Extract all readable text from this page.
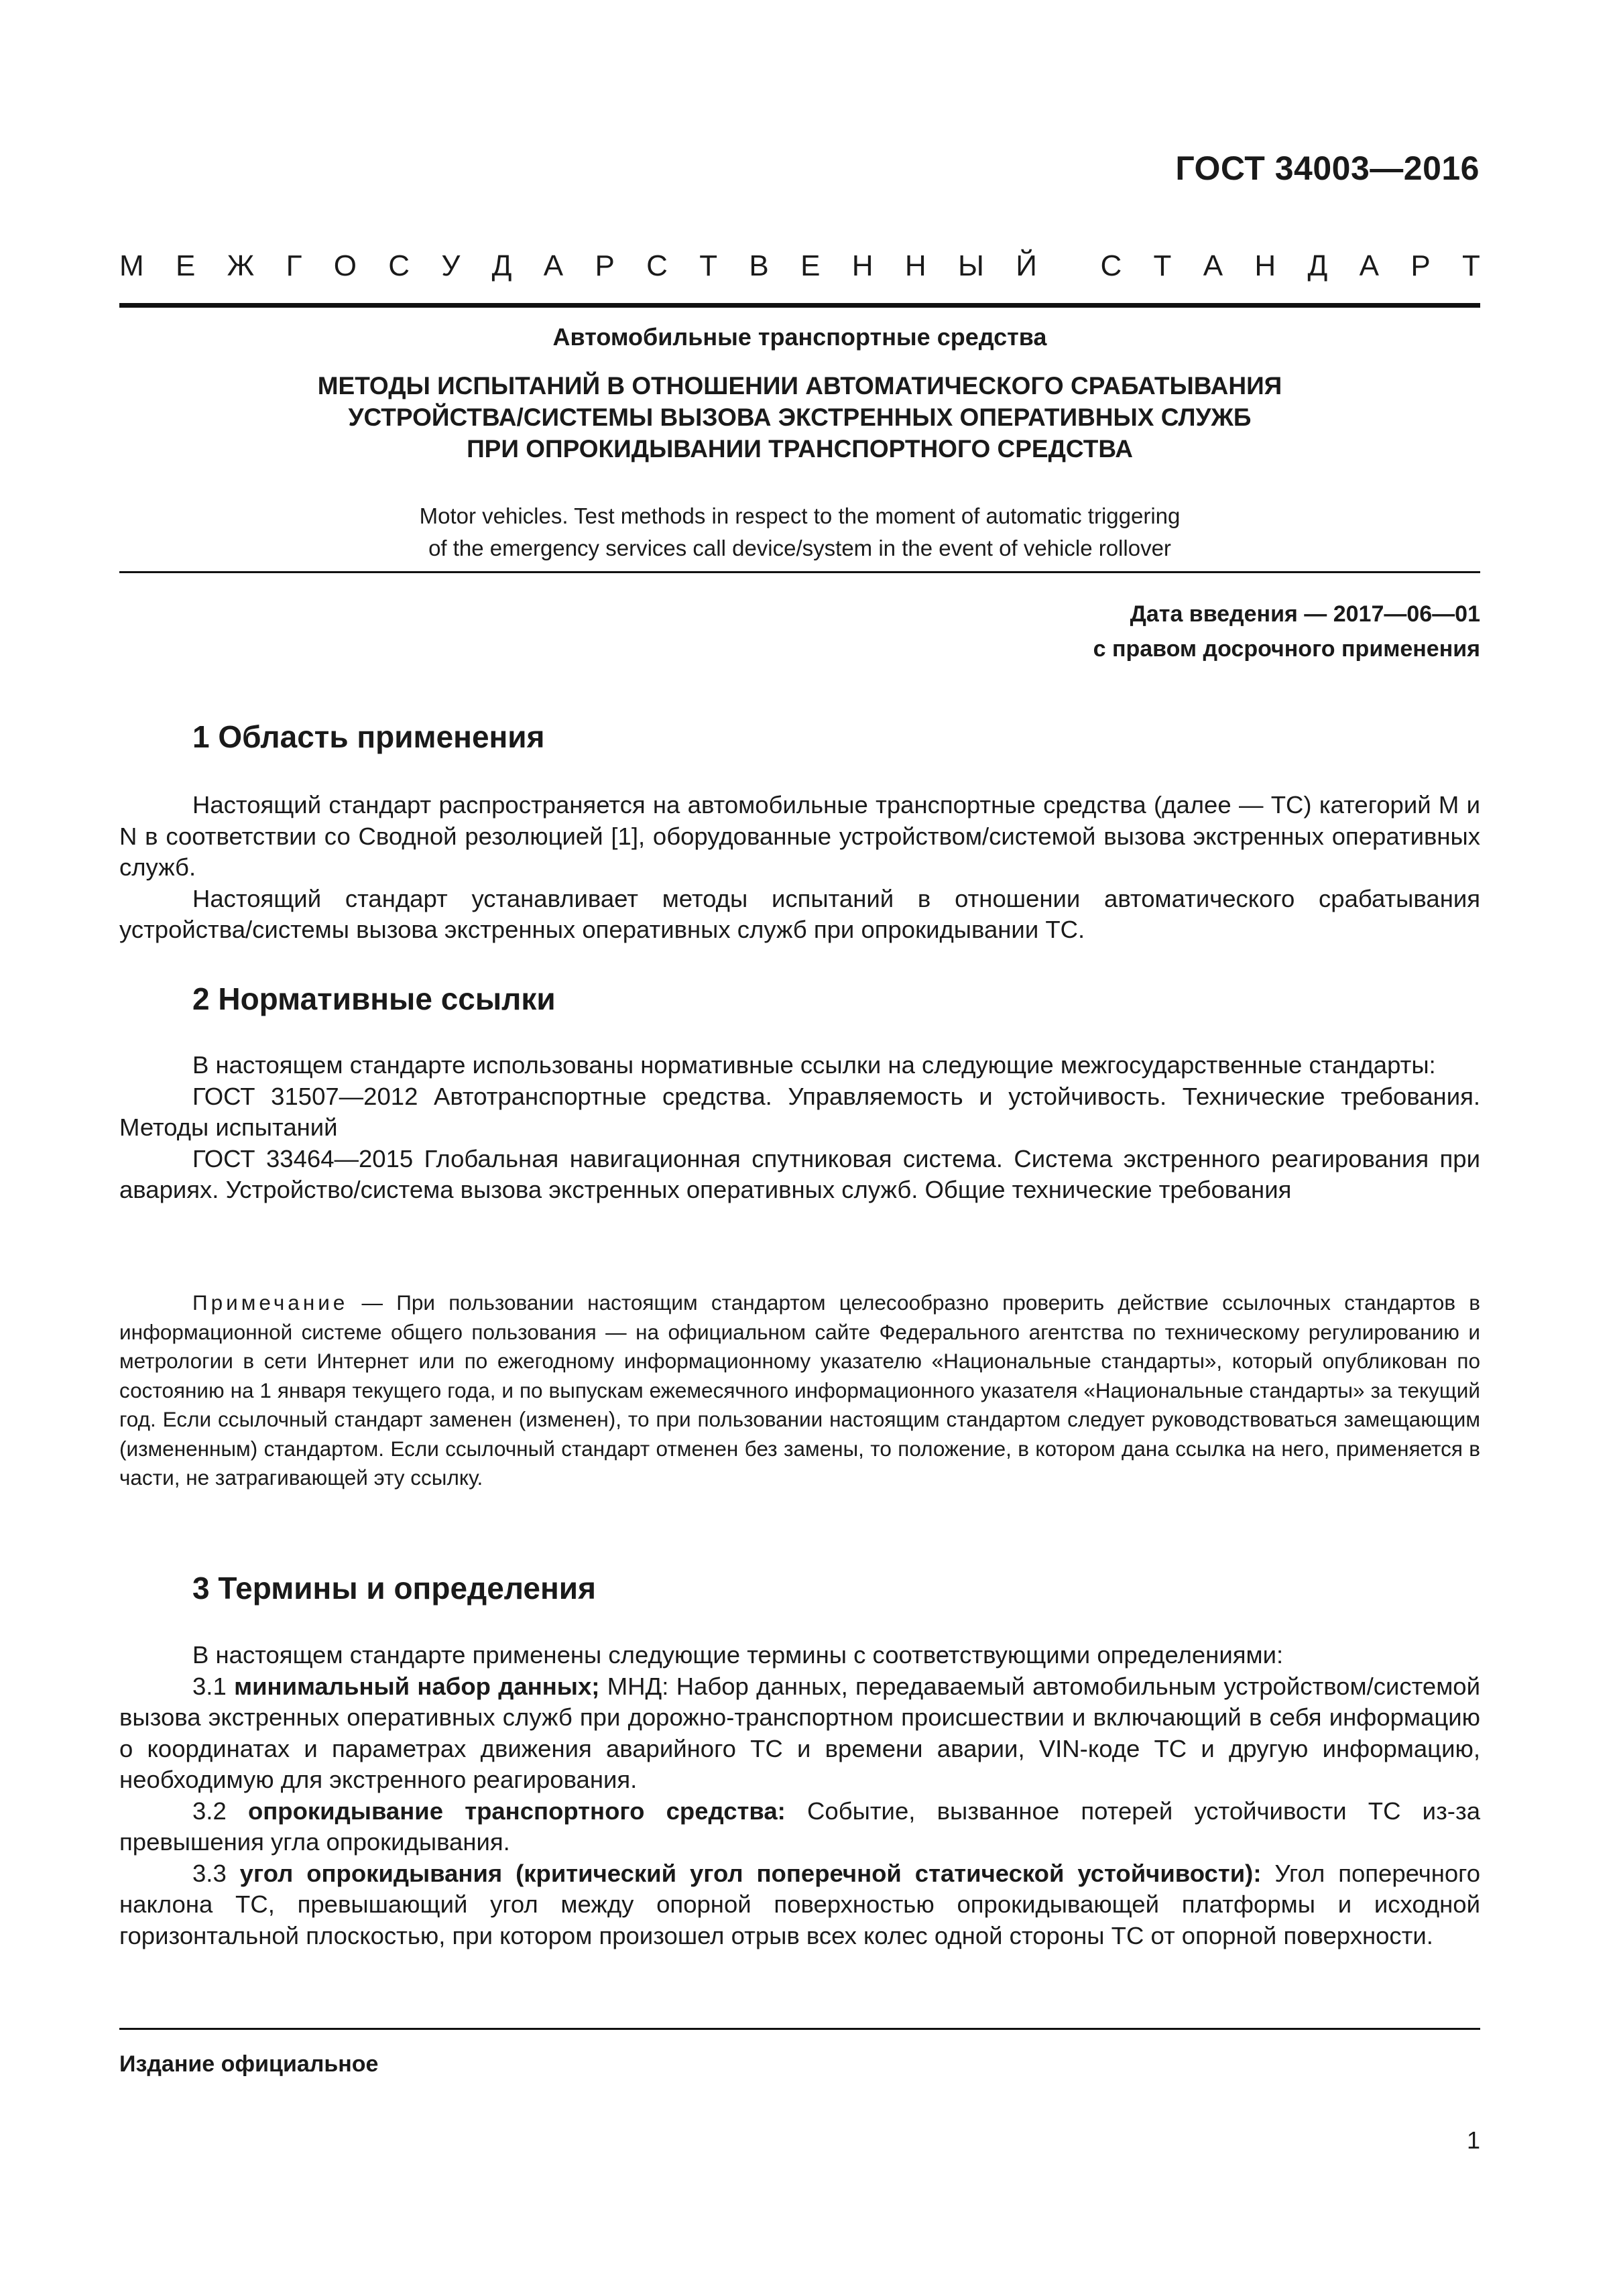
ГОСТ 34003—2016
М Е Ж Г О С У Д А Р С Т В Е Н Н Ы Й С Т А Н Д А Р Т
Автомобильные транспортные средства
МЕТОДЫ ИСПЫТАНИЙ В ОТНОШЕНИИ АВТОМАТИЧЕСКОГО СРАБАТЫВАНИЯ
УСТРОЙСТВА/СИСТЕМЫ ВЫЗОВА ЭКСТРЕННЫХ ОПЕРАТИВНЫХ СЛУЖБ
ПРИ ОПРОКИДЫВАНИИ ТРАНСПОРТНОГО СРЕДСТВА
Motor vehicles. Test methods in respect to the moment of automatic triggering
of the emergency services call device/system in the event of vehicle rollover
Дата введения — 2017—06—01
с правом досрочного применения
1 Область применения

Настоящий стандарт распространяется на автомобильные транспортные средства (далее — ТС) категорий M и N в соответствии со Сводной резолюцией [1], оборудованные устройством/системой вызова экстренных оперативных служб.

Настоящий стандарт устанавливает методы испытаний в отношении автоматического срабатывания устройства/системы вызова экстренных оперативных служб при опрокидывании ТС.

2 Нормативные ссылки

В настоящем стандарте использованы нормативные ссылки на следующие межгосударственные стандарты:

ГОСТ 31507—2012 Автотранспортные средства. Управляемость и устойчивость. Технические требования. Методы испытаний

ГОСТ 33464—2015 Глобальная навигационная спутниковая система. Система экстренного реагирования при авариях. Устройство/система вызова экстренных оперативных служб. Общие технические требования

Примечание — При пользовании настоящим стандартом целесообразно проверить действие ссылочных стандартов в информационной системе общего пользования — на официальном сайте Федерального агентства по техническому регулированию и метрологии в сети Интернет или по ежегодному информационному указателю «Национальные стандарты», который опубликован по состоянию на 1 января текущего года, и по выпускам ежемесячного информационного указателя «Национальные стандарты» за текущий год. Если ссылочный стандарт заменен (изменен), то при пользовании настоящим стандартом следует руководствоваться замещающим (измененным) стандартом. Если ссылочный стандарт отменен без замены, то положение, в котором дана ссылка на него, применяется в части, не затрагивающей эту ссылку.

3 Термины и определения

В настоящем стандарте применены следующие термины с соответствующими определениями:

3.1 минимальный набор данных; МНД: Набор данных, передаваемый автомобильным устройством/системой вызова экстренных оперативных служб при дорожно-транспортном происшествии и включающий в себя информацию о координатах и параметрах движения аварийного ТС и времени аварии, VIN-коде ТС и другую информацию, необходимую для экстренного реагирования.

3.2 опрокидывание транспортного средства: Событие, вызванное потерей устойчивости ТС из-за превышения угла опрокидывания.

3.3 угол опрокидывания (критический угол поперечной статической устойчивости): Угол поперечного наклона ТС, превышающий угол между опорной поверхностью опрокидывающей платформы и исходной горизонтальной плоскостью, при котором произошел отрыв всех колес одной стороны ТС от опорной поверхности.

Издание официальное
1
